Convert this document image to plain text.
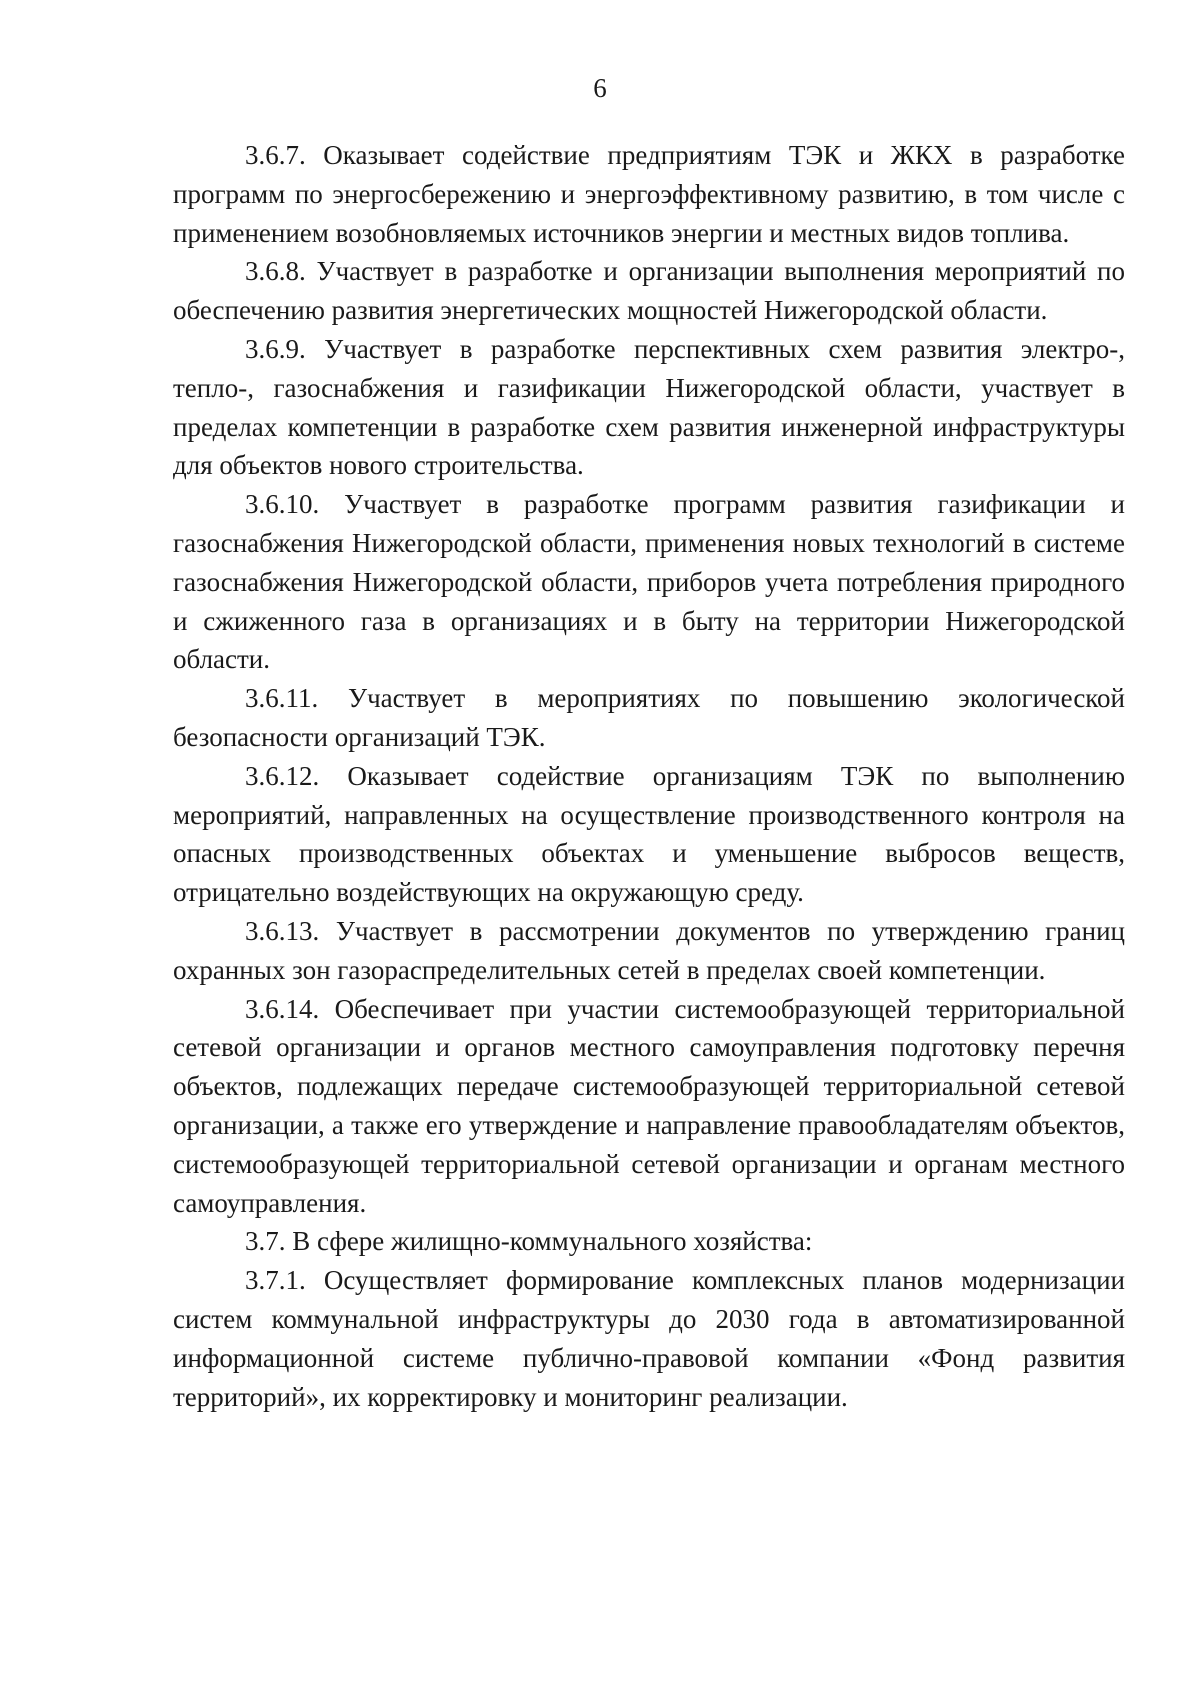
6

3.6.7. Оказывает содействие предприятиям ТЭК и ЖКХ в разработке программ по энергосбережению и энергоэффективному развитию, в том числе с применением возобновляемых источников энергии и местных видов топлива.

3.6.8. Участвует в разработке и организации выполнения мероприятий по обеспечению развития энергетических мощностей Нижегородской области.

3.6.9. Участвует в разработке перспективных схем развития электро-, тепло-, газоснабжения и газификации Нижегородской области, участвует в пределах компетенции в разработке схем развития инженерной инфраструктуры для объектов нового строительства.

3.6.10. Участвует в разработке программ развития газификации и газоснабжения Нижегородской области, применения новых технологий в системе газоснабжения Нижегородской области, приборов учета потребления природного и сжиженного газа в организациях и в быту на территории Нижегородской области.

3.6.11. Участвует в мероприятиях по повышению экологической безопасности организаций ТЭК.

3.6.12. Оказывает содействие организациям ТЭК по выполнению мероприятий, направленных на осуществление производственного контроля на опасных производственных объектах и уменьшение выбросов веществ, отрицательно воздействующих на окружающую среду.

3.6.13. Участвует в рассмотрении документов по утверждению границ охранных зон газораспределительных сетей в пределах своей компетенции.

3.6.14. Обеспечивает при участии системообразующей территориальной сетевой организации и органов местного самоуправления подготовку перечня объектов, подлежащих передаче системообразующей территориальной сетевой организации, а также его утверждение и направление правообладателям объектов, системообразующей территориальной сетевой организации и органам местного самоуправления.

3.7. В сфере жилищно-коммунального хозяйства:

3.7.1. Осуществляет формирование комплексных планов модернизации систем коммунальной инфраструктуры до 2030 года в автоматизированной информационной системе публично-правовой компании «Фонд развития территорий», их корректировку и мониторинг реализации.
